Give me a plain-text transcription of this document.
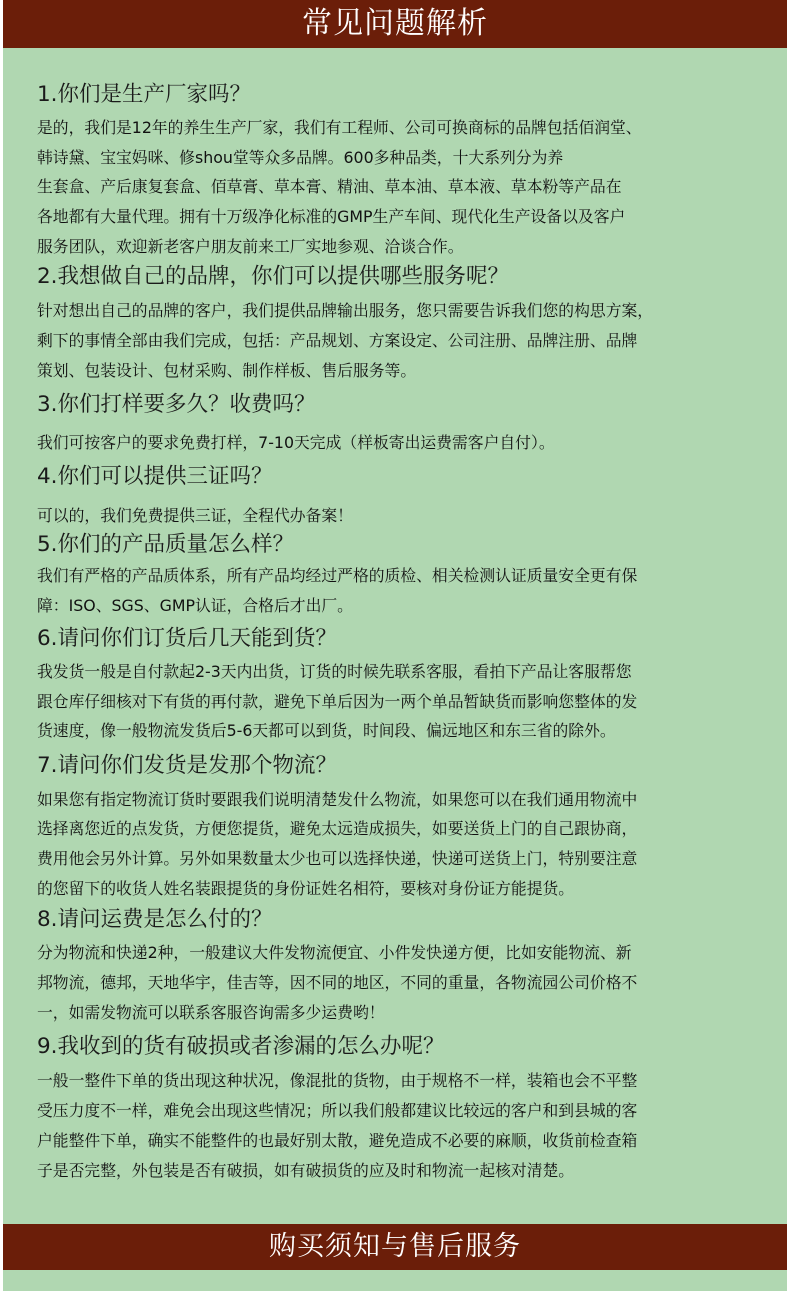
常见问题解析
1.你们是生产厂家吗？
是的，我们是12年的养生生产厂家，我们有工程师、公司可换商标的品牌包括佰润堂、
韩诗黛、宝宝妈咪、修shou堂等众多品牌。600多种品类，十大系列分为养
生套盒、产后康复套盒、佰草膏、草本膏、精油、草本油、草本液、草本粉等产品在
各地都有大量代理。拥有十万级净化标准的GMP生产车间、现代化生产设备以及客户
服务团队，欢迎新老客户朋友前来工厂实地参观、洽谈合作。
2.我想做自己的品牌，你们可以提供哪些服务呢？
针对想出自己的品牌的客户，我们提供品牌输出服务，您只需要告诉我们您的构思方案，
剩下的事情全部由我们完成，包括：产品规划、方案设定、公司注册、品牌注册、品牌
策划、包装设计、包材采购、制作样板、售后服务等。
3.你们打样要多久？收费吗？
我们可按客户的要求免费打样，7-10天完成（样板寄出运费需客户自付）。
4.你们可以提供三证吗？
可以的，我们免费提供三证，全程代办备案！
5.你们的产品质量怎么样？
我们有严格的产品质体系，所有产品均经过严格的质检、相关检测认证质量安全更有保
障：ISO、SGS、GMP认证，合格后才出厂。
6.请问你们订货后几天能到货？
我发货一般是自付款起2-3天内出货，订货的时候先联系客服，看拍下产品让客服帮您
跟仓库仔细核对下有货的再付款，避免下单后因为一两个单品暂缺货而影响您整体的发
货速度，像一般物流发货后5-6天都可以到货，时间段、偏远地区和东三省的除外。
7.请问你们发货是发那个物流？
如果您有指定物流订货时要跟我们说明清楚发什么物流，如果您可以在我们通用物流中
选择离您近的点发货，方便您提货，避免太远造成损失，如要送货上门的自己跟协商，
费用他会另外计算。另外如果数量太少也可以选择快递，快递可送货上门，特别要注意
的您留下的收货人姓名装跟提货的身份证姓名相符，要核对身份证方能提货。
8.请问运费是怎么付的？
分为物流和快递2种，一般建议大件发物流便宜、小件发快递方便，比如安能物流、新
邦物流，德邦，天地华宇，佳吉等，因不同的地区，不同的重量，各物流园公司价格不
一，如需发物流可以联系客服咨询需多少运费哟！
9.我收到的货有破损或者渗漏的怎么办呢？
一般一整件下单的货出现这种状况，像混批的货物，由于规格不一样，装箱也会不平整
受压力度不一样，难免会出现这些情况；所以我们般都建议比较远的客户和到县城的客
户能整件下单，确实不能整件的也最好别太散，避免造成不必要的麻顺，收货前检查箱
子是否完整，外包装是否有破损，如有破损货的应及时和物流一起核对清楚。
购买须知与售后服务
